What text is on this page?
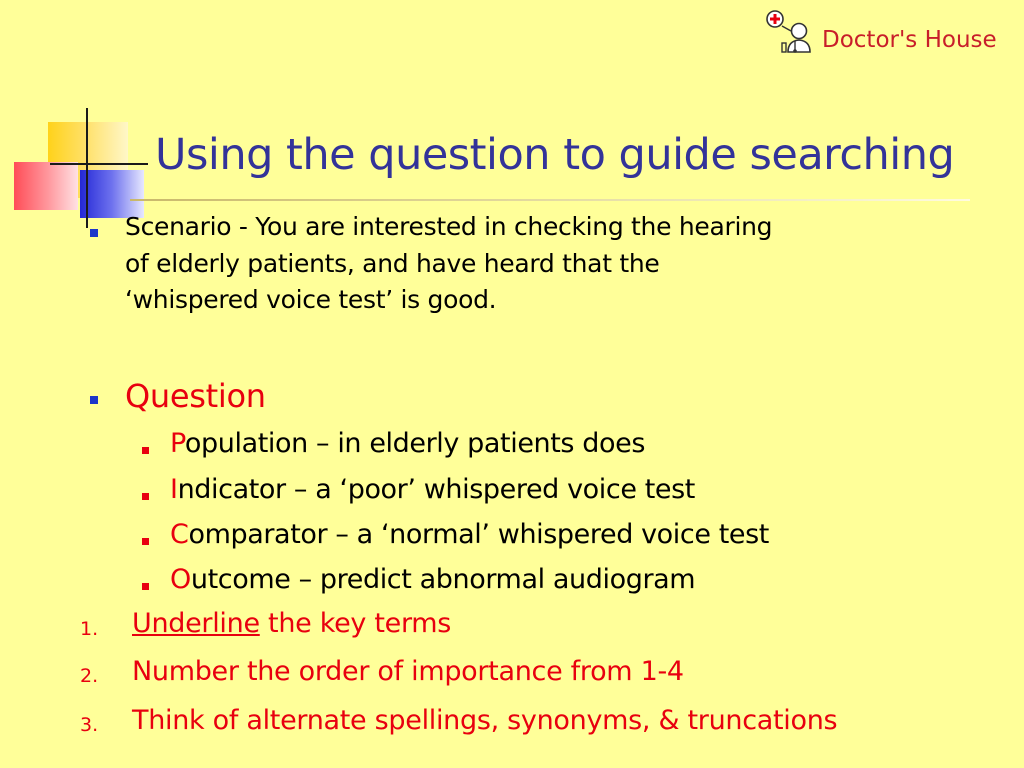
Doctor's House
Using the question to guide searching
Scenario - You are interested in checking the hearing
of elderly patients, and have heard that the
‘whispered voice test’ is good.
Question
Population – in elderly patients does
Indicator – a ‘poor’ whispered voice test
Comparator – a ‘normal’ whispered voice test
Outcome – predict abnormal audiogram
1. Underline the key terms
2. Number the order of importance from 1-4
3. Think of alternate spellings, synonyms, & truncations
